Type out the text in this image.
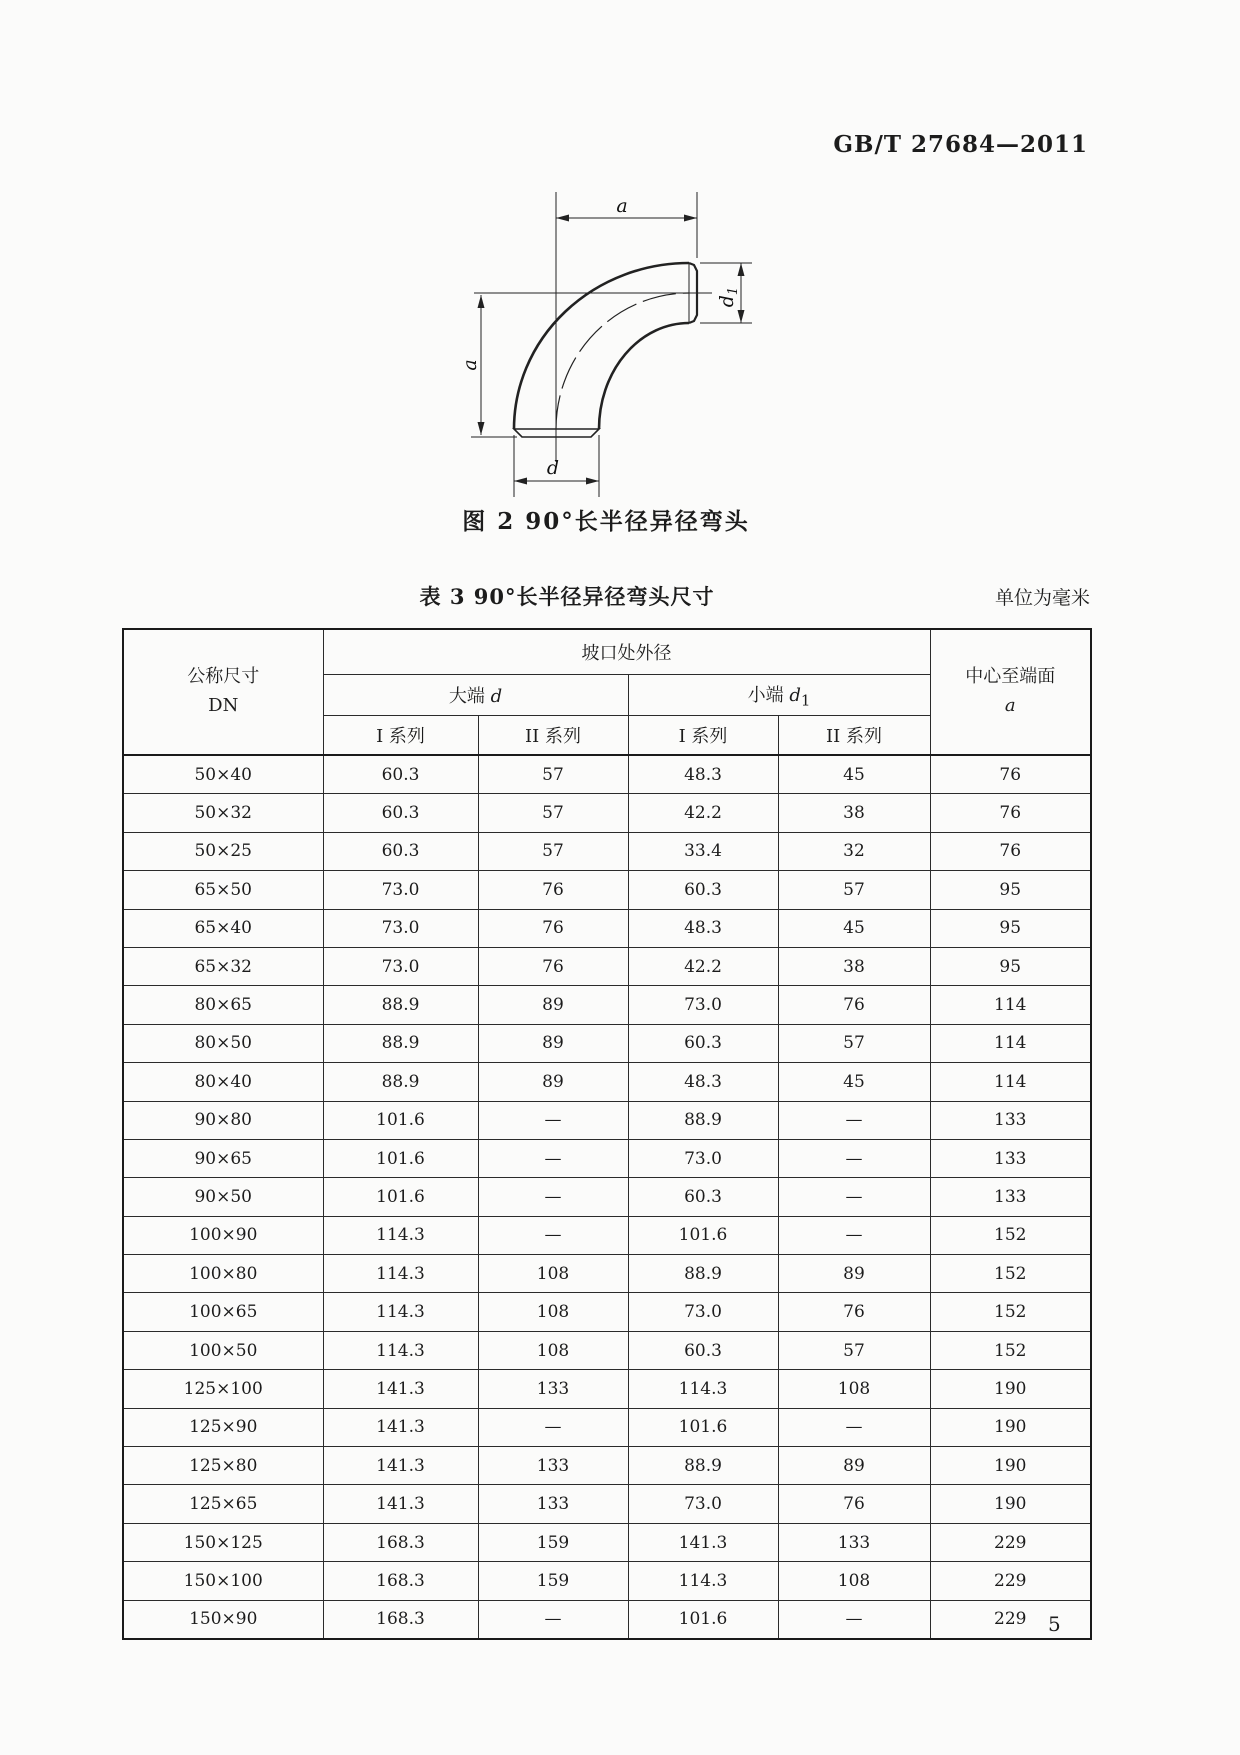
GB/T 27684—2011
a
a
d
$d_1$
图 2 90°长半径异径弯头
表 3 90°长半径异径弯头尺寸	单位为毫米
公称尺寸
DN
	坡口处外径	
中心至端面
a

	大端 d		小端 $d_1$
	I 系列	II 系列	I 系列	II 系列	
50×40	60.3	57	48.3	45	76
50×32	60.3	57	42.2	38	76
50×25	60.3	57	33.4	32	76
65×50	73.0	76	60.3	57	95
65×40	73.0	76	48.3	45	95
65×32	73.0	76	42.2	38	95
80×65	88.9	89	73.0	76	114
80×50	88.9	89	60.3	57	114
80×40	88.9	89	48.3	45	114
90×80	101.6	—	88.9	—	133
90×65	101.6	—	73.0	—	133
90×50	101.6	—	60.3	—	133
100×90	114.3	—	101.6	—	152
100×80	114.3	108	88.9	89	152
100×65	114.3	108	73.0	76	152
100×50	114.3	108	60.3	57	152
125×100	141.3	133	114.3	108	190
125×90	141.3	—	101.6	—	190
125×80	141.3	133	88.9	89	190
125×65	141.3	133	73.0	76	190
150×125	168.3	159	141.3	133	229
150×100	168.3	159	114.3	108	229
150×90	168.3	—	101.6	—	229 5
